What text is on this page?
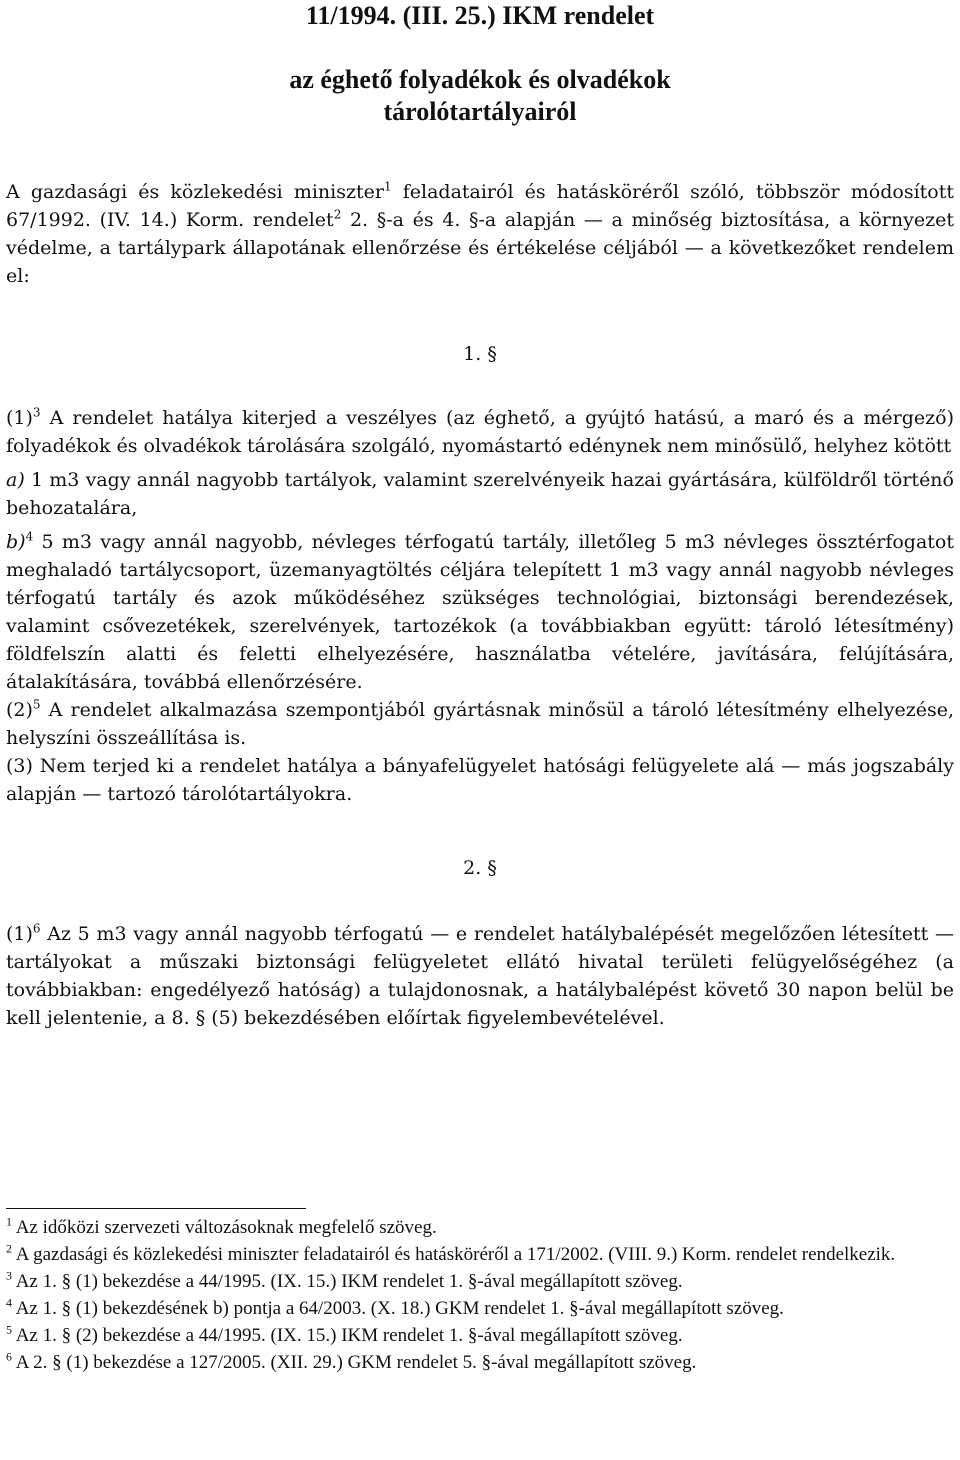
11/1994. (III. 25.) IKM rendelet
az éghető folyadékok és olvadékok
tárolótartályairól

A gazdasági és közlekedési miniszter$^1$ feladatairól és hatásköréről szóló, többször módosított 67/1992. (IV. 14.) Korm. rendelet$^2$ 2. §-a és 4. §-a alapján — a minőség biztosítása, a környezet védelme, a tartálypark állapotának ellenőrzése és értékelése céljából — a következőket rendelem el:

1. §

$(1)^3$ A rendelet hatálya kiterjed a veszélyes (az éghető, a gyújtó hatású, a maró és a mérgező) folyadékok és olvadékok tárolására szolgáló, nyomástartó edénynek nem minősülő, helyhez kötött

a) 1 m3 vagy annál nagyobb tartályok, valamint szerelvényeik hazai gyártására, külföldről történő behozatalára,

b)$^4$ 5 m3 vagy annál nagyobb, névleges térfogatú tartály, illetőleg 5 m3 névleges össztérfogatot meghaladó tartálycsoport, üzemanyagtöltés céljára telepített 1 m3 vagy annál nagyobb névleges térfogatú tartály és azok működéséhez szükséges technológiai, biztonsági berendezések, valamint csővezetékek, szerelvények, tartozékok (a továbbiakban együtt: tároló létesítmény) földfelszín alatti és feletti elhelyezésére, használatba vételére, javítására, felújítására, átalakítására, továbbá ellenőrzésére.

$(2)^5$ A rendelet alkalmazása szempontjából gyártásnak minősül a tároló létesítmény elhelyezése, helyszíni összeállítása is.

(3) Nem terjed ki a rendelet hatálya a bányafelügyelet hatósági felügyelete alá — más jogszabály alapján — tartozó tárolótartályokra.

2. §

$(1)^6$ Az 5 m3 vagy annál nagyobb térfogatú — e rendelet hatálybalépését megelőzően létesített — tartályokat a műszaki biztonsági felügyeletet ellátó hivatal területi felügyelőségéhez (a továbbiakban: engedélyező hatóság) a tulajdonosnak, a hatálybalépést követő 30 napon belül be kell jelentenie, a 8. § (5) bekezdésében előírtak figyelembevételével.

$^1$ Az időközi szervezeti változásoknak megfelelő szöveg.

$^2$ A gazdasági és közlekedési miniszter feladatairól és hatásköréről a 171/2002. (VIII. 9.) Korm. rendelet rendelkezik.

$^3$ Az 1. § (1) bekezdése a 44/1995. (IX. 15.) IKM rendelet 1. §-ával megállapított szöveg.

$^4$ Az 1. § (1) bekezdésének b) pontja a 64/2003. (X. 18.) GKM rendelet 1. §-ával megállapított szöveg.

$^5$ Az 1. § (2) bekezdése a 44/1995. (IX. 15.) IKM rendelet 1. §-ával megállapított szöveg.

$^6$ A 2. § (1) bekezdése a 127/2005. (XII. 29.) GKM rendelet 5. §-ával megállapított szöveg.
